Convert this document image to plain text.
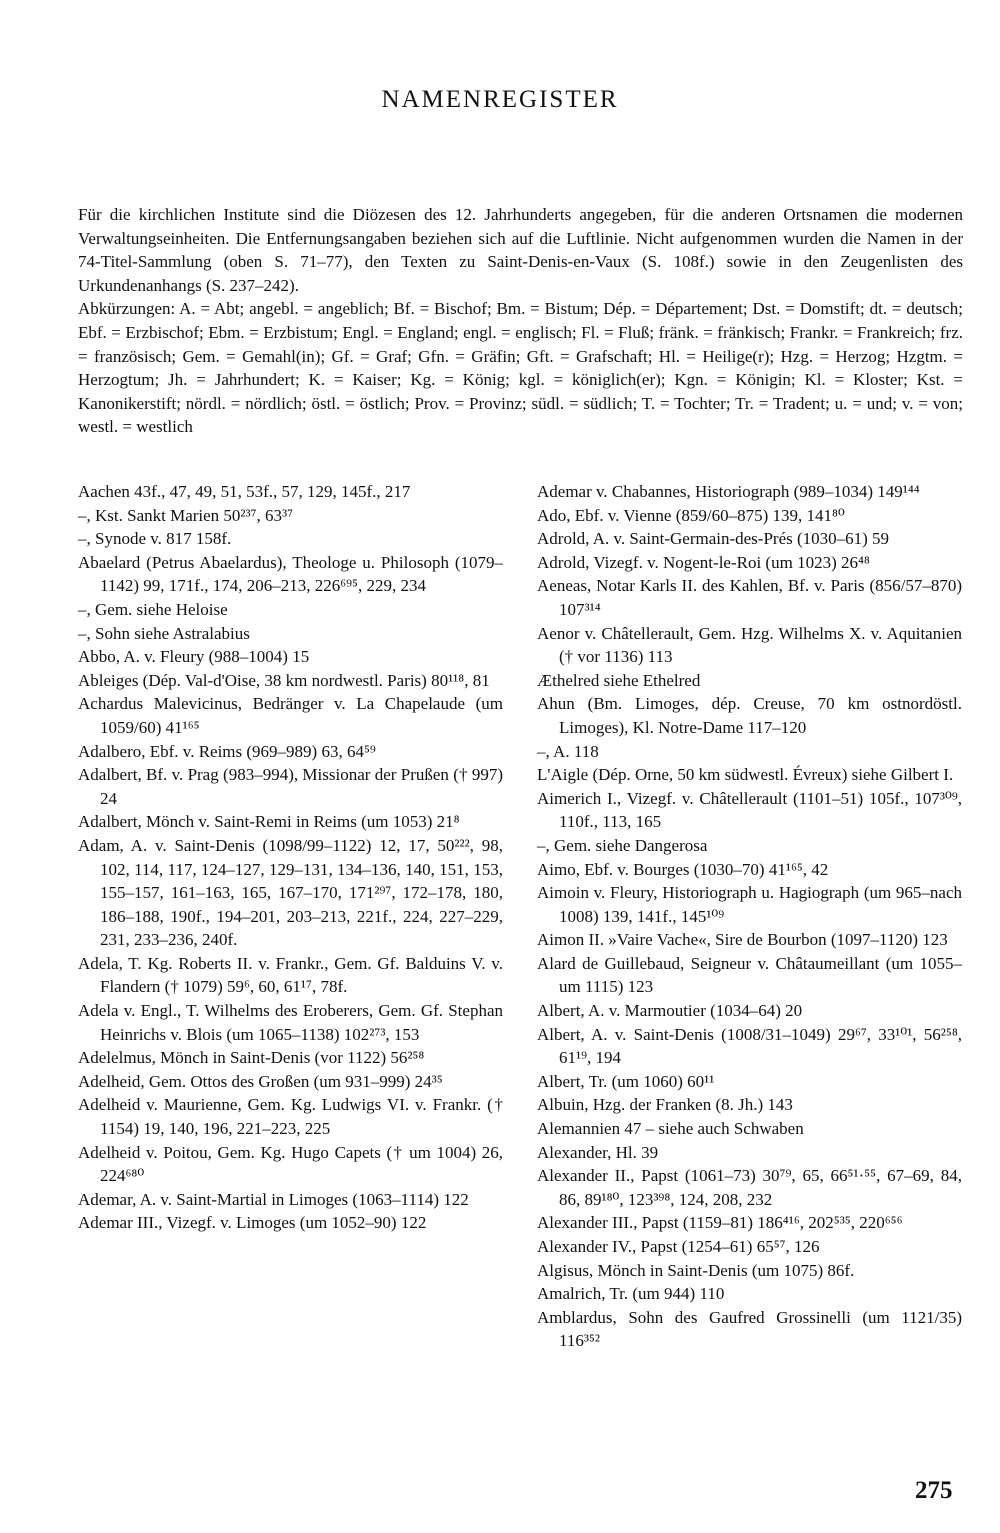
NAMENREGISTER

Für die kirchlichen Institute sind die Diözesen des 12. Jahrhunderts angegeben, für die anderen Ortsnamen die modernen Verwaltungseinheiten. Die Entfernungsangaben beziehen sich auf die Luftlinie. Nicht aufgenommen wurden die Namen in der 74-Titel-Sammlung (oben S. 71–77), den Texten zu Saint-Denis-en-Vaux (S. 108f.) sowie in den Zeugenlisten des Urkundenanhangs (S. 237–242).

Abkürzungen: A. = Abt; angebl. = angeblich; Bf. = Bischof; Bm. = Bistum; Dép. = Département; Dst. = Domstift; dt. = deutsch; Ebf. = Erzbischof; Ebm. = Erzbistum; Engl. = England; engl. = englisch; Fl. = Fluß; fränk. = fränkisch; Frankr. = Frankreich; frz. = französisch; Gem. = Gemahl(in); Gf. = Graf; Gfn. = Gräfin; Gft. = Grafschaft; Hl. = Heilige(r); Hzg. = Herzog; Hzgtm. = Herzogtum; Jh. = Jahrhundert; K. = Kaiser; Kg. = König; kgl. = königlich(er); Kgn. = Königin; Kl. = Kloster; Kst. = Kanonikerstift; nördl. = nördlich; östl. = östlich; Prov. = Provinz; südl. = südlich; T. = Tochter; Tr. = Tradent; u. = und; v. = von; westl. = westlich

Aachen 43f., 47, 49, 51, 53f., 57, 129, 145f., 217

–, Kst. Sankt Marien 50²³⁷, 63³⁷

–, Synode v. 817 158f.

Abaelard (Petrus Abaelardus), Theologe u. Philosoph (1079–1142) 99, 171f., 174, 206–213, 226⁶⁹⁵, 229, 234

–, Gem. siehe Heloise

–, Sohn siehe Astralabius

Abbo, A. v. Fleury (988–1004) 15

Ableiges (Dép. Val-d'Oise, 38 km nordwestl. Paris) 80¹¹⁸, 81

Achardus Malevicinus, Bedränger v. La Chapelaude (um 1059/60) 41¹⁶⁵

Adalbero, Ebf. v. Reims (969–989) 63, 64⁵⁹

Adalbert, Bf. v. Prag (983–994), Missionar der Prußen († 997) 24

Adalbert, Mönch v. Saint-Remi in Reims (um 1053) 21⁸

Adam, A. v. Saint-Denis (1098/99–1122) 12, 17, 50²²², 98, 102, 114, 117, 124–127, 129–131, 134–136, 140, 151, 153, 155–157, 161–163, 165, 167–170, 171²⁹⁷, 172–178, 180, 186–188, 190f., 194–201, 203–213, 221f., 224, 227–229, 231, 233–236, 240f.

Adela, T. Kg. Roberts II. v. Frankr., Gem. Gf. Balduins V. v. Flandern († 1079) 59⁶, 60, 61¹⁷, 78f.

Adela v. Engl., T. Wilhelms des Eroberers, Gem. Gf. Stephan Heinrichs v. Blois (um 1065–1138) 102²⁷³, 153

Adelelmus, Mönch in Saint-Denis (vor 1122) 56²⁵⁸

Adelheid, Gem. Ottos des Großen (um 931–999) 24³⁵

Adelheid v. Maurienne, Gem. Kg. Ludwigs VI. v. Frankr. († 1154) 19, 140, 196, 221–223, 225

Adelheid v. Poitou, Gem. Kg. Hugo Capets († um 1004) 26, 224⁶⁸⁰

Ademar, A. v. Saint-Martial in Limoges (1063–1114) 122

Ademar III., Vizegf. v. Limoges (um 1052–90) 122

Ademar v. Chabannes, Historiograph (989–1034) 149¹⁴⁴

Ado, Ebf. v. Vienne (859/60–875) 139, 141⁸⁰

Adrold, A. v. Saint-Germain-des-Prés (1030–61) 59

Adrold, Vizegf. v. Nogent-le-Roi (um 1023) 26⁴⁸

Aeneas, Notar Karls II. des Kahlen, Bf. v. Paris (856/57–870) 107³¹⁴

Aenor v. Châtellerault, Gem. Hzg. Wilhelms X. v. Aquitanien († vor 1136) 113

Æthelred siehe Ethelred

Ahun (Bm. Limoges, dép. Creuse, 70 km ostnordöstl. Limoges), Kl. Notre-Dame 117–120

–, A. 118

L'Aigle (Dép. Orne, 50 km südwestl. Évreux) siehe Gilbert I.

Aimerich I., Vizegf. v. Châtellerault (1101–51) 105f., 107³⁰⁹, 110f., 113, 165

–, Gem. siehe Dangerosa

Aimo, Ebf. v. Bourges (1030–70) 41¹⁶⁵, 42

Aimoin v. Fleury, Historiograph u. Hagiograph (um 965–nach 1008) 139, 141f., 145¹⁰⁹

Aimon II. »Vaire Vache«, Sire de Bourbon (1097–1120) 123

Alard de Guillebaud, Seigneur v. Châtaumeillant (um 1055–um 1115) 123

Albert, A. v. Marmoutier (1034–64) 20

Albert, A. v. Saint-Denis (1008/31–1049) 29⁶⁷, 33¹⁰¹, 56²⁵⁸, 61¹⁹, 194

Albert, Tr. (um 1060) 60¹¹

Albuin, Hzg. der Franken (8. Jh.) 143

Alemannien 47 – siehe auch Schwaben

Alexander, Hl. 39

Alexander II., Papst (1061–73) 30⁷⁹, 65, 66⁵¹·⁵⁵, 67–69, 84, 86, 89¹⁸⁰, 123³⁹⁸, 124, 208, 232

Alexander III., Papst (1159–81) 186⁴¹⁶, 202⁵³⁵, 220⁶⁵⁶

Alexander IV., Papst (1254–61) 65⁵⁷, 126

Algisus, Mönch in Saint-Denis (um 1075) 86f.

Amalrich, Tr. (um 944) 110

Amblardus, Sohn des Gaufred Grossinelli (um 1121/35) 116³⁵²

275
